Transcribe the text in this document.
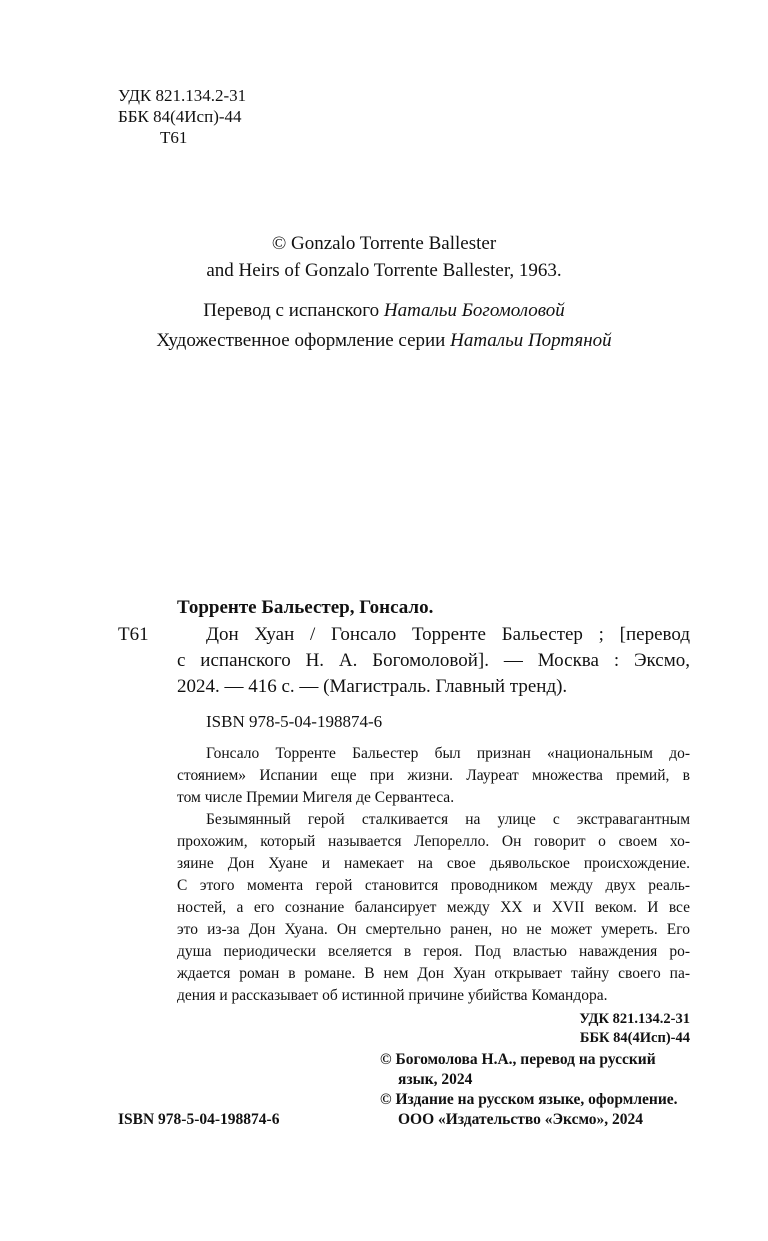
УДК 821.134.2-31
ББК 84(4Исп)-44
Т61
© Gonzalo Torrente Ballester
and Heirs of Gonzalo Torrente Ballester, 1963.
Перевод с испанского Натальи Богомоловой
Художественное оформление серии Натальи Портяной
Торренте Бальестер, Гонсало.
Т61	Дон Хуан / Гонсало Торренте Бальестер ; [перевод
с испанского Н. А. Богомоловой]. — Москва : Эксмо,
2024. — 416 с. — (Магистраль. Главный тренд).
ISBN 978-5-04-198874-6
Гонсало Торренте Бальестер был признан «национальным до-
стоянием» Испании еще при жизни. Лауреат множества премий, в
том числе Премии Мигеля де Сервантеса.
Безымянный герой сталкивается на улице с экстравагантным
прохожим, который называется Лепорелло. Он говорит о своем хо-
зяине Дон Хуане и намекает на свое дьявольское происхождение.
С этого момента герой становится проводником между двух реаль-
ностей, а его сознание балансирует между XX и XVII веком. И все
это из-за Дон Хуана. Он смертельно ранен, но не может умереть. Его
душа периодически вселяется в героя. Под властью наваждения ро-
ждается роман в романе. В нем Дон Хуан открывает тайну своего па-
дения и рассказывает об истинной причине убийства Командора.
УДК 821.134.2-31
ББК 84(4Исп)-44
© Богомолова Н.А., перевод на русский
язык, 2024
© Издание на русском языке, оформление.
ООО «Издательство «Эксмо», 2024
ISBN 978-5-04-198874-6
